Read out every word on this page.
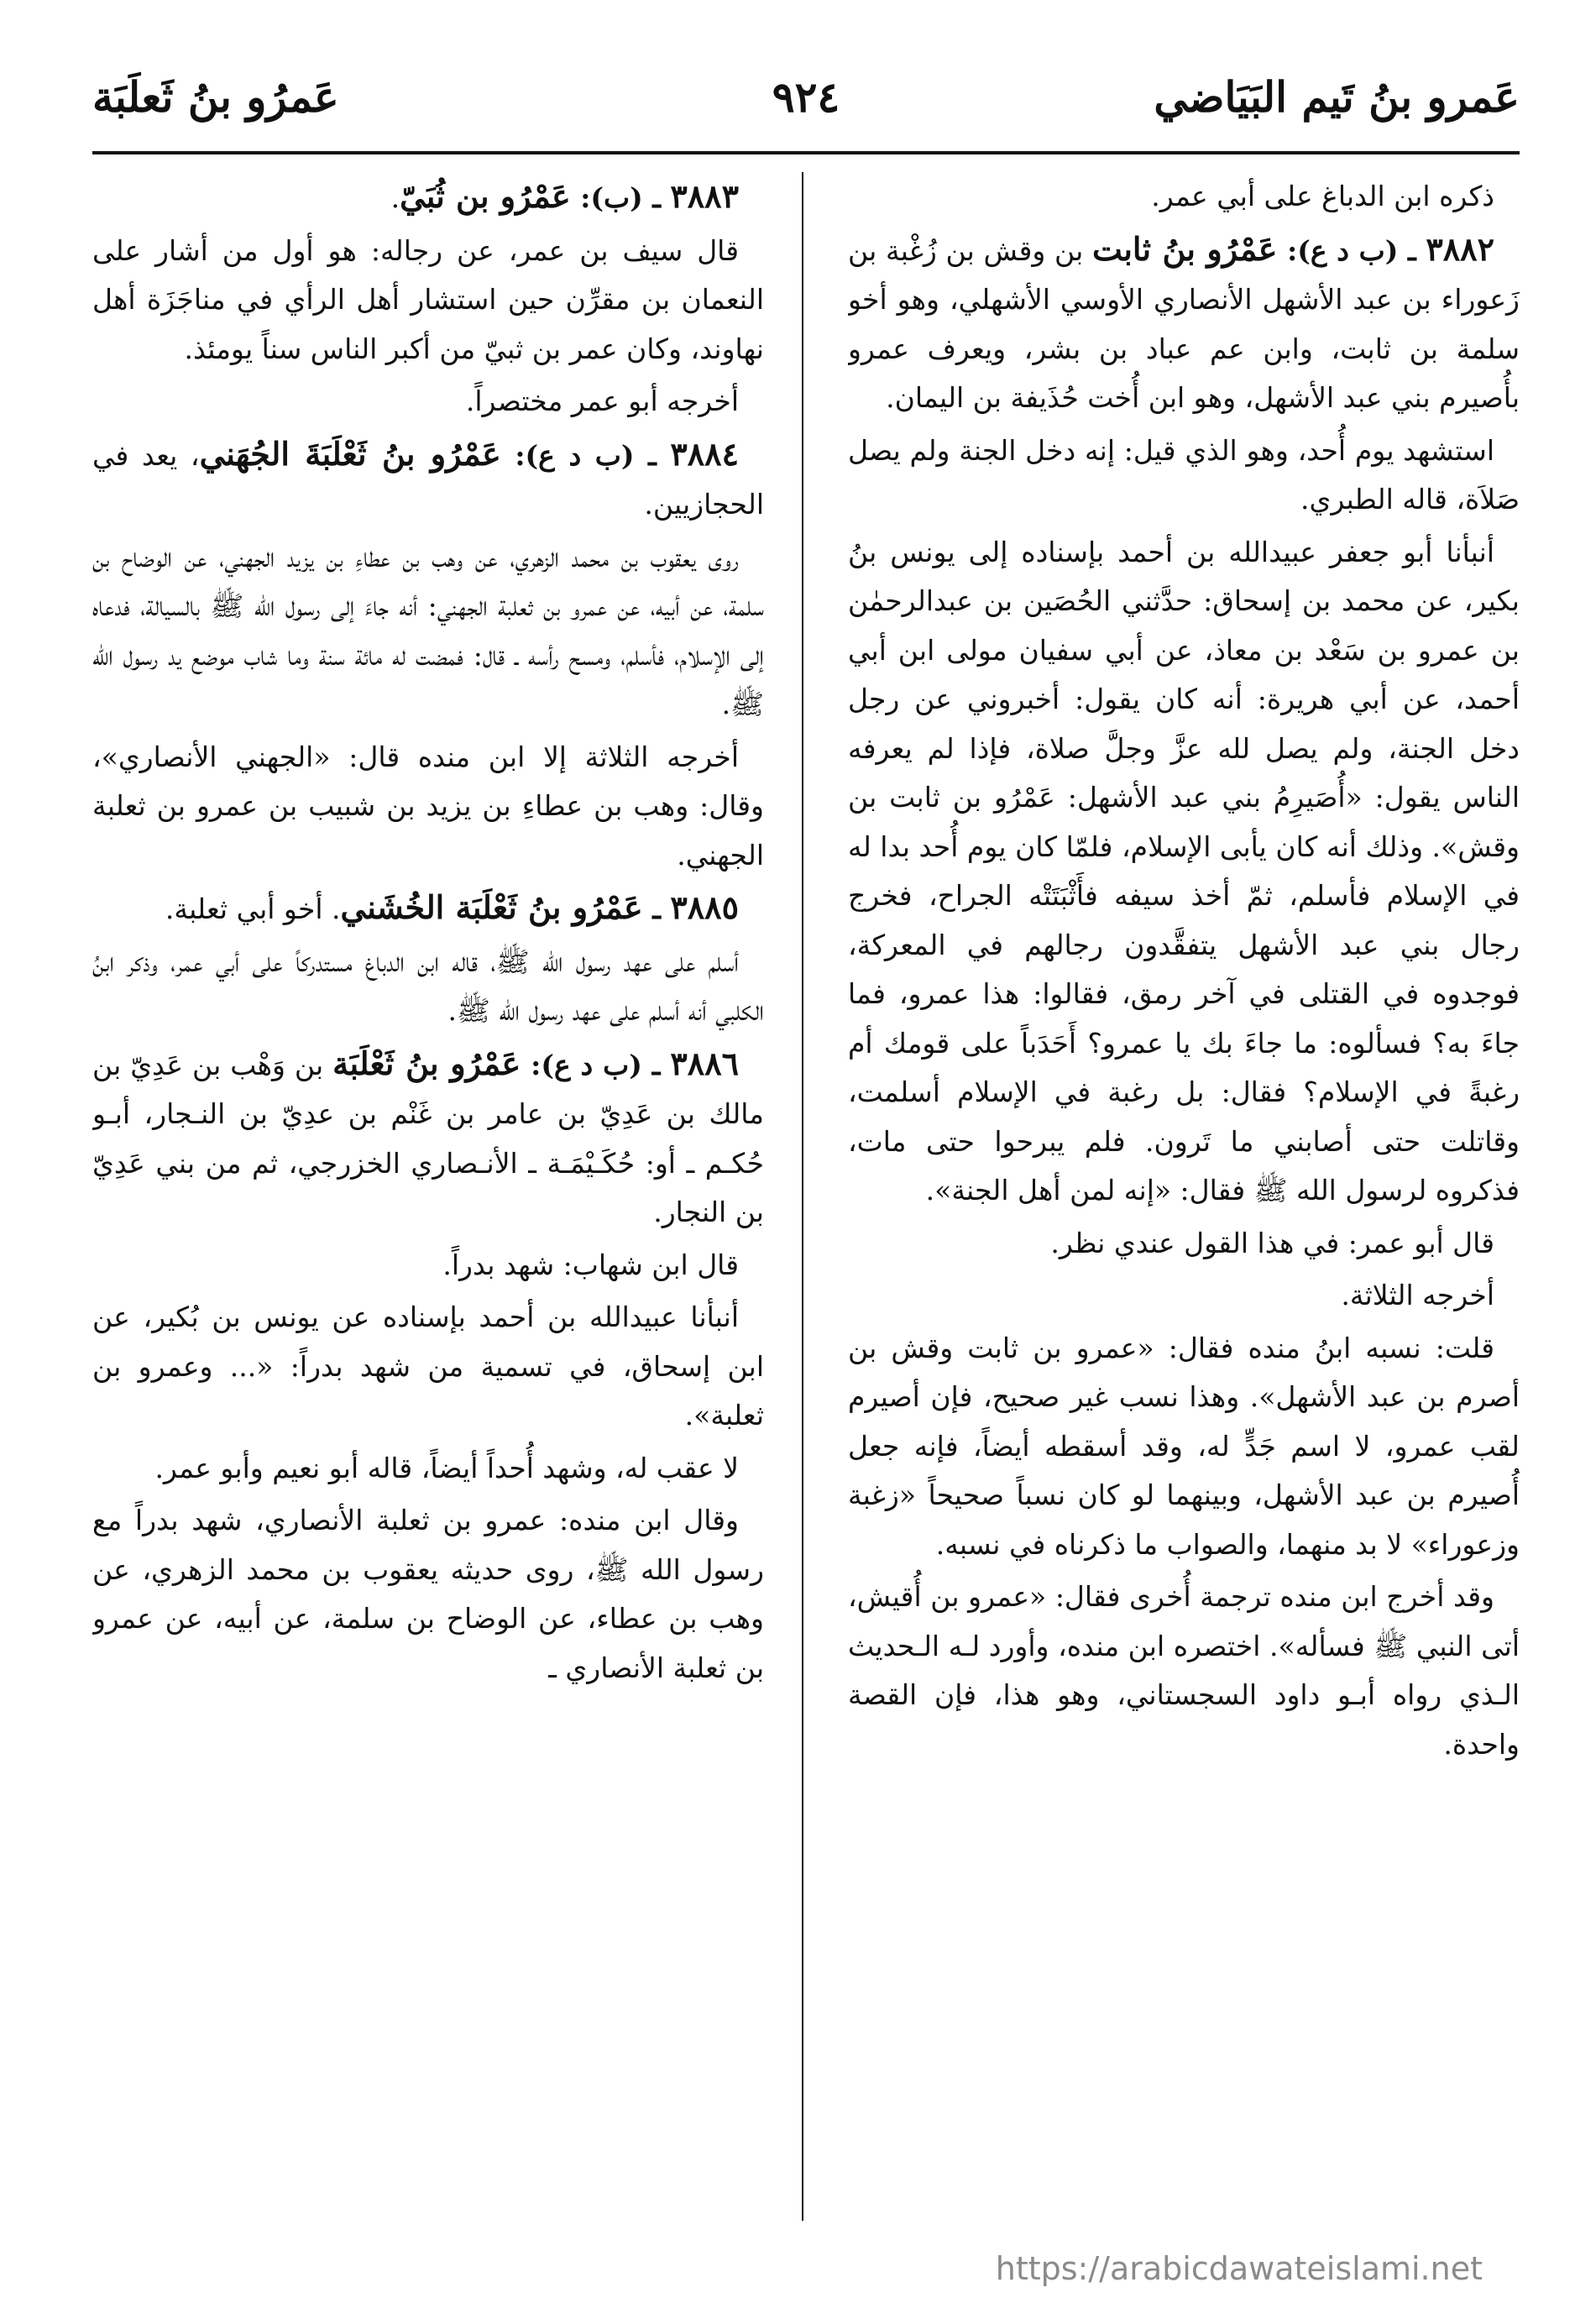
عَمرو بنُ تَيم البَيَاضي
٩٢٤
عَمرُو بنُ ثَعلَبَة

ذكره ابن الدباغ على أبي عمر.

٣٨٨٢ ـ (ب د ع): عَمْرُو بنُ ثابت بن وقش بن زُغْبة بن زَعوراء بن عبد الأشهل الأنصاري الأوسي الأشهلي، وهو أخو سلمة بن ثابت، وابن عم عباد بن بشر، ويعرف عمرو بأُصيرم بني عبد الأشهل، وهو ابن أُخت حُذَيفة بن اليمان.

استشهد يوم أُحد، وهو الذي قيل: إنه دخل الجنة ولم يصل صَلاَة، قاله الطبري.

أنبأنا أبو جعفر عبيدالله بن أحمد بإسناده إلى يونس بنُ بكير، عن محمد بن إسحاق: حدَّثني الحُصَين بن عبدالرحمٰن بن عمرو بن سَعْد بن معاذ، عن أبي سفيان مولى ابن أبي أحمد، عن أبي هريرة: أنه كان يقول: أخبروني عن رجل دخل الجنة، ولم يصل لله عزَّ وجلَّ صلاة، فإذا لم يعرفه الناس يقول: «أُصَيرِمُ بني عبد الأشهل: عَمْرُو بن ثابت بن وقش». وذلك أنه كان يأبى الإسلام، فلمّا كان يوم أُحد بدا له في الإسلام فأسلم، ثمّ أخذ سيفه فأَثْبَتَتْه الجراح، فخرج رجال بني عبد الأشهل يتفقَّدون رجالهم في المعركة، فوجدوه في القتلى في آخر رمق، فقالوا: هذا عمرو، فما جاءَ به؟ فسألوه: ما جاءَ بك يا عمرو؟ أَحَدَباً على قومك أم رغبةً في الإسلام؟ فقال: بل رغبة في الإسلام أسلمت، وقاتلت حتى أصابني ما تَرون. فلم يبرحوا حتى مات، فذكروه لرسول الله ﷺ فقال: «إنه لمن أهل الجنة».

قال أبو عمر: في هذا القول عندي نظر.

أخرجه الثلاثة.

قلت: نسبه ابنُ منده فقال: «عمرو بن ثابت وقش بن أصرم بن عبد الأشهل». وهذا نسب غير صحيح، فإن أصيرم لقب عمرو، لا اسم جَدٍّ له، وقد أسقطه أيضاً، فإنه جعل أُصيرم بن عبد الأشهل، وبينهما لو كان نسباً صحيحاً «زغبة وزعوراء» لا بد منهما، والصواب ما ذكرناه في نسبه.

وقد أخرج ابن منده ترجمة أُخرى فقال: «عمرو بن أُقيش، أتى النبي ﷺ فسأله». اختصره ابن منده، وأورد لـه الـحديث الـذي رواه أبـو داود السجستاني، وهو هذا، فإن القصة واحدة.

٣٨٨٣ ـ (ب): عَمْرُو بن ثُبَيّ.

قال سيف بن عمر، عن رجاله: هو أول من أشار على النعمان بن مقرِّن حين استشار أهل الرأي في مناجَزَة أهل نهاوند، وكان عمر بن ثبيّ من أكبر الناس سناً يومئذ.

أخرجه أبو عمر مختصراً.

٣٨٨٤ ـ (ب د ع): عَمْرُو بنُ ثَعْلَبَةَ الجُهَني، يعد في الحجازيين.

روى يعقوب بن محمد الزهري، عن وهب بن عطاءِ بن يزيد الجهني، عن الوضاح بن سلمة، عن أبيه، عن عمرو بن ثعلبة الجهني: أنه جاءَ إلى رسول الله ﷺ بالسيالة، فدعاه إلى الإسلام، فأسلم، ومسح رأسه ـ قال: فمضت له مائة سنة وما شاب موضع يد رسول الله ﷺ.

أخرجه الثلاثة إلا ابن منده قال: «الجهني الأنصاري»، وقال: وهب بن عطاءِ بن يزيد بن شبيب بن عمرو بن ثعلبة الجهني.

٣٨٨٥ ـ عَمْرُو بنُ ثَعْلَبَة الخُشَني. أخو أبي ثعلبة.

أسلم على عهد رسول الله ﷺ، قاله ابن الدباغ مستدركاً على أبي عمر، وذكر ابنُ الكلبي أنه أسلم على عهد رسول الله ﷺ.

٣٨٨٦ ـ (ب د ع): عَمْرُو بنُ ثَعْلَبَة بن وَهْب بن عَدِيّ بن مالك بن عَدِيّ بن عامر بن غَنْم بن عدِيّ بن النـجار، أبـو حُكـم ـ أو: حُكَـيْمَـة ـ الأنـصاري الخزرجي، ثم من بني عَدِيّ بن النجار.

قال ابن شهاب: شهد بدراً.

أنبأنا عبيدالله بن أحمد بإسناده عن يونس بن بُكير، عن ابن إسحاق، في تسمية من شهد بدراً: «... وعمرو بن ثعلبة».

لا عقب له، وشهد أُحداً أيضاً، قاله أبو نعيم وأبو عمر.

وقال ابن منده: عمرو بن ثعلبة الأنصاري، شهد بدراً مع رسول الله ﷺ، روى حديثه يعقوب بن محمد الزهري، عن وهب بن عطاء، عن الوضاح بن سلمة، عن أبيه، عن عمرو بن ثعلبة الأنصاري ـ

https://arabicdawateislami.net
